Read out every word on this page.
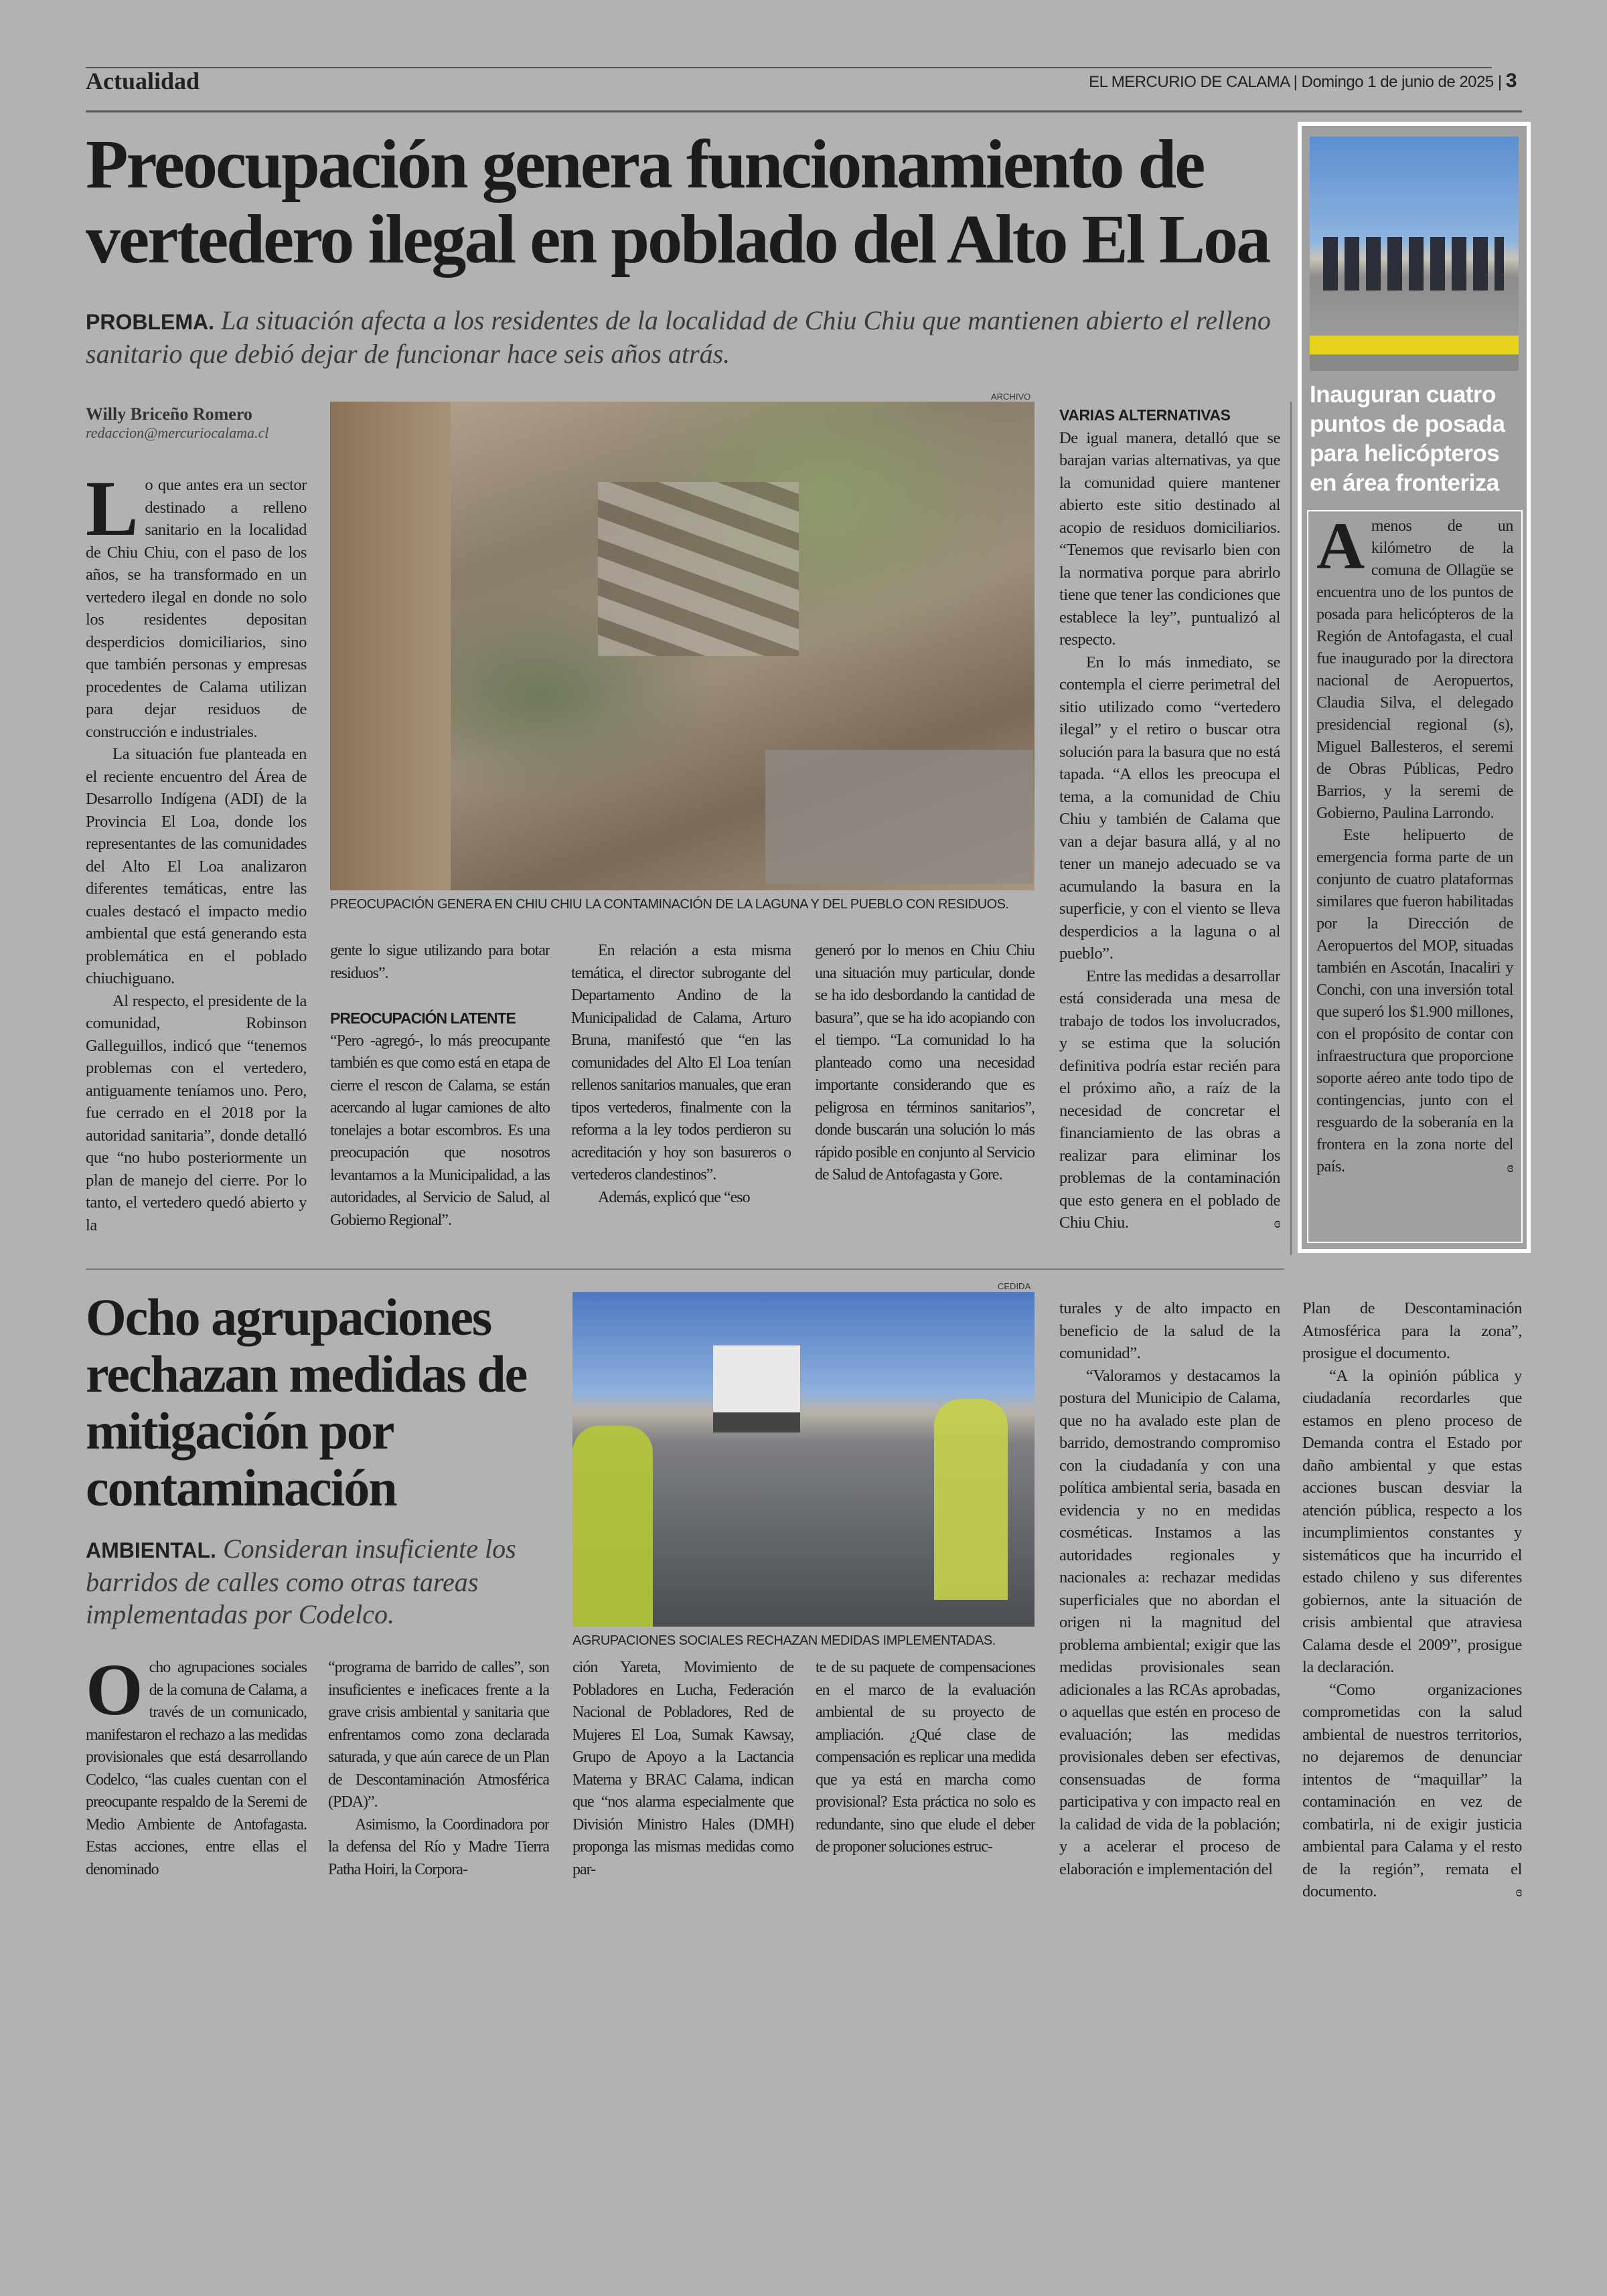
Actualidad	EL MERCURIO DE CALAMA | Domingo 1 de junio de 2025 | 3
Preocupación genera funcionamiento de vertedero ilegal en poblado del Alto El Loa
PROBLEMA. La situación afecta a los residentes de la localidad de Chiu Chiu que mantienen abierto el relleno sanitario que debió dejar de funcionar hace seis años atrás.
Willy Briceño Romero
redaccion@mercuriocalama.cl

Lo que antes era un sector destinado a relleno sanitario en la localidad de Chiu Chiu, con el paso de los años, se ha transformado en un vertedero ilegal en donde no solo los residentes depositan desperdicios domiciliarios, sino que también personas y empresas procedentes de Calama utilizan para dejar residuos de construcción e industriales.

La situación fue planteada en el reciente encuentro del Área de Desarrollo Indígena (ADI) de la Provincia El Loa, donde los representantes de las comunidades del Alto El Loa analizaron diferentes temáticas, entre las cuales destacó el impacto medio ambiental que está generando esta problemática en el poblado chiuchiguano.

Al respecto, el presidente de la comunidad, Robinson Galleguillos, indicó que “tenemos problemas con el vertedero, antiguamente teníamos uno. Pero, fue cerrado en el 2018 por la autoridad sanitaria”, donde detalló que “no hubo posteriormente un plan de manejo del cierre. Por lo tanto, el vertedero quedó abierto y la

ARCHIVO
PREOCUPACIÓN GENERA EN CHIU CHIU LA CONTAMINACIÓN DE LA LAGUNA Y DEL PUEBLO CON RESIDUOS.

gente lo sigue utilizando para botar residuos”.

PREOCUPACIÓN LATENTE

“Pero -agregó-, lo más preocupante también es que como está en etapa de cierre el rescon de Calama, se están acercando al lugar camiones de alto tonelajes a botar escombros. Es una preocupación que nosotros levantamos a la Municipalidad, a las autoridades, al Servicio de Salud, al Gobierno Regional”.

En relación a esta misma temática, el director subrogante del Departamento Andino de la Municipalidad de Calama, Arturo Bruna, manifestó que “en las comunidades del Alto El Loa tenían rellenos sanitarios manuales, que eran tipos vertederos, finalmente con la reforma a la ley todos perdieron su acreditación y hoy son basureros o vertederos clandestinos”.

Además, explicó que “eso

generó por lo menos en Chiu Chiu una situación muy particular, donde se ha ido desbordando la cantidad de basura”, que se ha ido acopiando con el tiempo. “La comunidad lo ha planteado como una necesidad importante considerando que es peligrosa en términos sanitarios”, donde buscarán una solución lo más rápido posible en conjunto al Servicio de Salud de Antofagasta y Gore.

VARIAS ALTERNATIVAS

De igual manera, detalló que se barajan varias alternativas, ya que la comunidad quiere mantener abierto este sitio destinado al acopio de residuos domiciliarios. “Tenemos que revisarlo bien con la normativa porque para abrirlo tiene que tener las condiciones que establece la ley”, puntualizó al respecto.

En lo más inmediato, se contempla el cierre perimetral del sitio utilizado como “vertedero ilegal” y el retiro o buscar otra solución para la basura que no está tapada. “A ellos les preocupa el tema, a la comunidad de Chiu Chiu y también de Calama que van a dejar basura allá, y al no tener un manejo adecuado se va acumulando la basura en la superficie, y con el viento se lleva desperdicios a la laguna o al pueblo”.

Entre las medidas a desarrollar está considerada una mesa de trabajo de todos los involucrados, y se estima que la solución definitiva podría estar recién para el próximo año, a raíz de la necesidad de concretar el financiamiento de las obras a realizar para eliminar los problemas de la contaminación que esto genera en el poblado de Chiu Chiu.	ɞ

Inauguran cuatro puntos de posada para helicópteros en área fronteriza

Amenos de un kilómetro de la comuna de Ollagüe se encuentra uno de los puntos de posada para helicópteros de la Región de Antofagasta, el cual fue inaugurado por la directora nacional de Aeropuertos, Claudia Silva, el delegado presidencial regional (s), Miguel Ballesteros, el seremi de Obras Públicas, Pedro Barrios, y la seremi de Gobierno, Paulina Larrondo.

Este helipuerto de emergencia forma parte de un conjunto de cuatro plataformas similares que fueron habilitadas por la Dirección de Aeropuertos del MOP, situadas también en Ascotán, Inacaliri y Conchi, con una inversión total que superó los $1.900 millones, con el propósito de contar con infraestructura que proporcione soporte aéreo ante todo tipo de contingencias, junto con el resguardo de la soberanía en la frontera en la zona norte del país.	ɞ

Ocho agrupaciones rechazan medidas de mitigación por contaminación
AMBIENTAL. Consideran insuficiente los barridos de calles como otras tareas implementadas por Codelco.
CEDIDA
AGRUPACIONES SOCIALES RECHAZAN MEDIDAS IMPLEMENTADAS.

Ocho agrupaciones sociales de la comuna de Calama, a través de un comunicado, manifestaron el rechazo a las medidas provisionales que está desarrollando Codelco, “las cuales cuentan con el preocupante respaldo de la Seremi de Medio Ambiente de Antofagasta. Estas acciones, entre ellas el denominado

“programa de barrido de calles”, son insuficientes e ineficaces frente a la grave crisis ambiental y sanitaria que enfrentamos como zona declarada saturada, y que aún carece de un Plan de Descontaminación Atmosférica (PDA)”.

Asimismo, la Coordinadora por la defensa del Río y Madre Tierra Patha Hoiri, la Corpora-

ción Yareta, Movimiento de Pobladores en Lucha, Federación Nacional de Pobladores, Red de Mujeres El Loa, Sumak Kawsay, Grupo de Apoyo a la Lactancia Materna y BRAC Calama, indican que “nos alarma especialmente que División Ministro Hales (DMH) proponga las mismas medidas como par-

te de su paquete de compensaciones en el marco de la evaluación ambiental de su proyecto de ampliación. ¿Qué clase de compensación es replicar una medida que ya está en marcha como provisional? Esta práctica no solo es redundante, sino que elude el deber de proponer soluciones estruc-

turales y de alto impacto en beneficio de la salud de la comunidad”.

“Valoramos y destacamos la postura del Municipio de Calama, que no ha avalado este plan de barrido, demostrando compromiso con la ciudadanía y con una política ambiental seria, basada en evidencia y no en medidas cosméticas. Instamos a las autoridades regionales y nacionales a: rechazar medidas superficiales que no abordan el origen ni la magnitud del problema ambiental; exigir que las medidas provisionales sean adicionales a las RCAs aprobadas, o aquellas que estén en proceso de evaluación; las medidas provisionales deben ser efectivas, consensuadas de forma participativa y con impacto real en la calidad de vida de la población; y a acelerar el proceso de elaboración e implementación del

Plan de Descontaminación Atmosférica para la zona”, prosigue el documento.

“A la opinión pública y ciudadanía recordarles que estamos en pleno proceso de Demanda contra el Estado por daño ambiental y que estas acciones buscan desviar la atención pública, respecto a los incumplimientos constantes y sistemáticos que ha incurrido el estado chileno y sus diferentes gobiernos, ante la situación de crisis ambiental que atraviesa Calama desde el 2009”, prosigue la declaración.

“Como organizaciones comprometidas con la salud ambiental de nuestros territorios, no dejaremos de denunciar intentos de “maquillar” la contaminación en vez de combatirla, ni de exigir justicia ambiental para Calama y el resto de la región”, remata el documento.	ɞ
